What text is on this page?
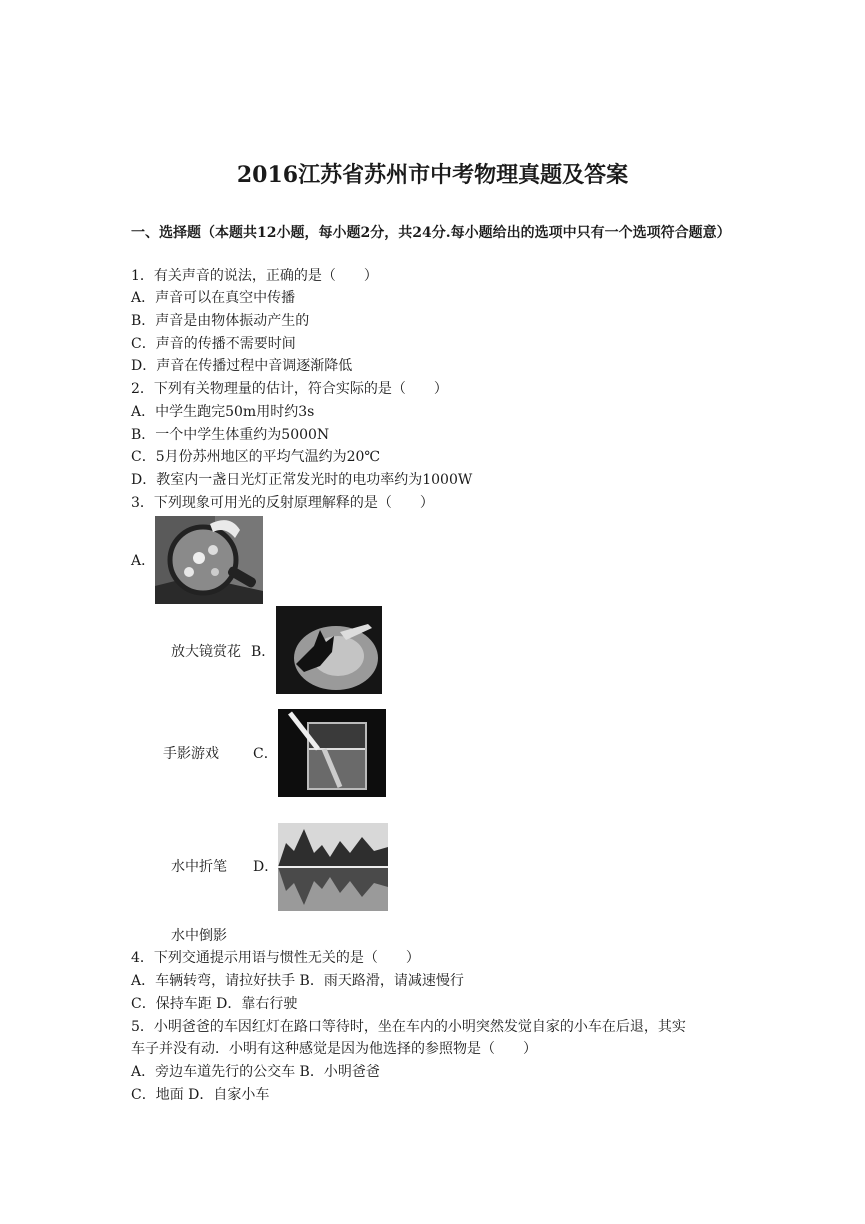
2016江苏省苏州市中考物理真题及答案
一、选择题（本题共12小题，每小题2分，共24分.每小题给出的选项中只有一个选项符合题意）
1．有关声音的说法，正确的是（　　）
A．声音可以在真空中传播
B．声音是由物体振动产生的
C．声音的传播不需要时间
D．声音在传播过程中音调逐渐降低
2．下列有关物理量的估计，符合实际的是（　　）
A．中学生跑完50m用时约3s
B．一个中学生体重约为5000N
C．5月份苏州地区的平均气温约为20℃
D．教室内一盏日光灯正常发光时的电功率约为1000W
3．下列现象可用光的反射原理解释的是（　　）
A．
放大镜赏花 B．
手影游戏 C．
水中折笔 D．
水中倒影
4．下列交通提示用语与惯性无关的是（　　）
A．车辆转弯，请拉好扶手 B．雨天路滑，请减速慢行
C．保持车距 D．靠右行驶
5．小明爸爸的车因红灯在路口等待时，坐在车内的小明突然发觉自家的小车在后退，其实
车子并没有动．小明有这种感觉是因为他选择的参照物是（　　）
A．旁边车道先行的公交车 B．小明爸爸
C．地面 D．自家小车
